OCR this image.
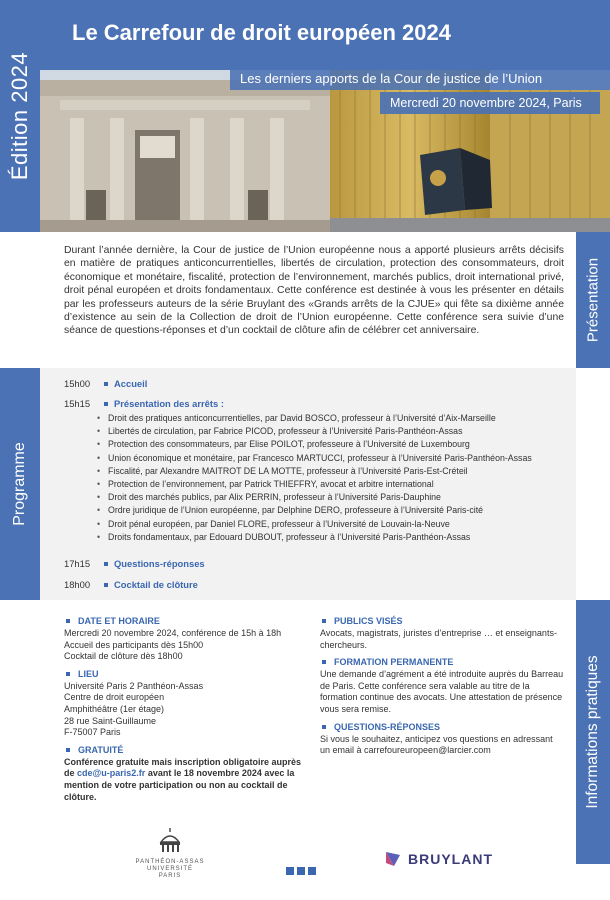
Édition 2024
Le Carrefour de droit européen 2024
Les derniers apports de la Cour de justice de l’Union
Mercredi 20 novembre 2024, Paris

Durant l’année dernière, la Cour de justice de l’Union européenne nous a apporté plusieurs arrêts décisifs en matière de pratiques anticoncurrentielles, libertés de circulation, protection des consommateurs, droit économique et monétaire, fiscalité, protection de l’environnement, marchés publics, droit international privé, droit pénal européen et droits fondamentaux. Cette conférence est destinée à vous les présenter en détails par les professeurs auteurs de la série Bruylant des «Grands arrêts de la CJUE» qui fête sa dixième année d’existence au sein de la Collection de droit de l’Union européenne. Cette conférence sera suivie d’une séance de questions-réponses et d’un cocktail de clôture afin de célébrer cet anniversaire.	Présentation
Programme
15h00	Accueil
15h15	Présentation des arrêts :
• Droit des pratiques anticoncurrentielles, par David BOSCO, professeur à l’Université d’Aix-Marseille
• Libertés de circulation, par Fabrice PICOD, professeur à l’Université Paris-Panthéon-Assas
• Protection des consommateurs, par Elise POILOT, professeure à l’Université de Luxembourg
• Union économique et monétaire, par Francesco MARTUCCI, professeur à l’Université Paris-Panthéon-Assas
• Fiscalité, par Alexandre MAITROT DE LA MOTTE, professeur à l’Université Paris-Est-Créteil
• Protection de l’environnement, par Patrick THIEFFRY, avocat et arbitre international
• Droit des marchés publics, par Alix PERRIN, professeur à l’Université Paris-Dauphine
• Ordre juridique de l’Union européenne, par Delphine DERO, professeure à l’Université Paris-cité
• Droit pénal européen, par Daniel FLORE, professeur à l’Université de Louvain-la-Neuve
• Droits fondamentaux, par Edouard DUBOUT, professeur à l’Université Paris-Panthéon-Assas
17h15	Questions-réponses
18h00	Cocktail de clôture
Informations pratiques
DATE ET HORAIRE
Mercredi 20 novembre 2024, conférence de 15h à 18h
Accueil des participants dès 15h00
Cocktail de clôture dès 18h00
LIEU
Université Paris 2 Panthéon-Assas
Centre de droit européen
Amphithéâtre (1er étage)
28 rue Saint-Guillaume
F-75007 Paris
GRATUITÉ
Conférence gratuite mais inscription obligatoire auprès de cde@u-paris2.fr avant le 18 novembre 2024 avec la mention de votre participation ou non au cocktail de clôture.
PUBLICS VISÉS
Avocats, magistrats, juristes d’entreprise … et enseignants-chercheurs.
FORMATION PERMANENTE
Une demande d’agrément a été introduite auprès du Barreau de Paris. Cette conférence sera valable au titre de la formation continue des avocats. Une attestation de présence vous sera remise.
QUESTIONS-RÉPONSES
Si vous le souhaitez, anticipez vos questions en adressant un email à carrefoureuropeen@larcier.com
PANTHÉON-ASSAS
UNIVERSITÉ
PARIS
BRUYLANT
